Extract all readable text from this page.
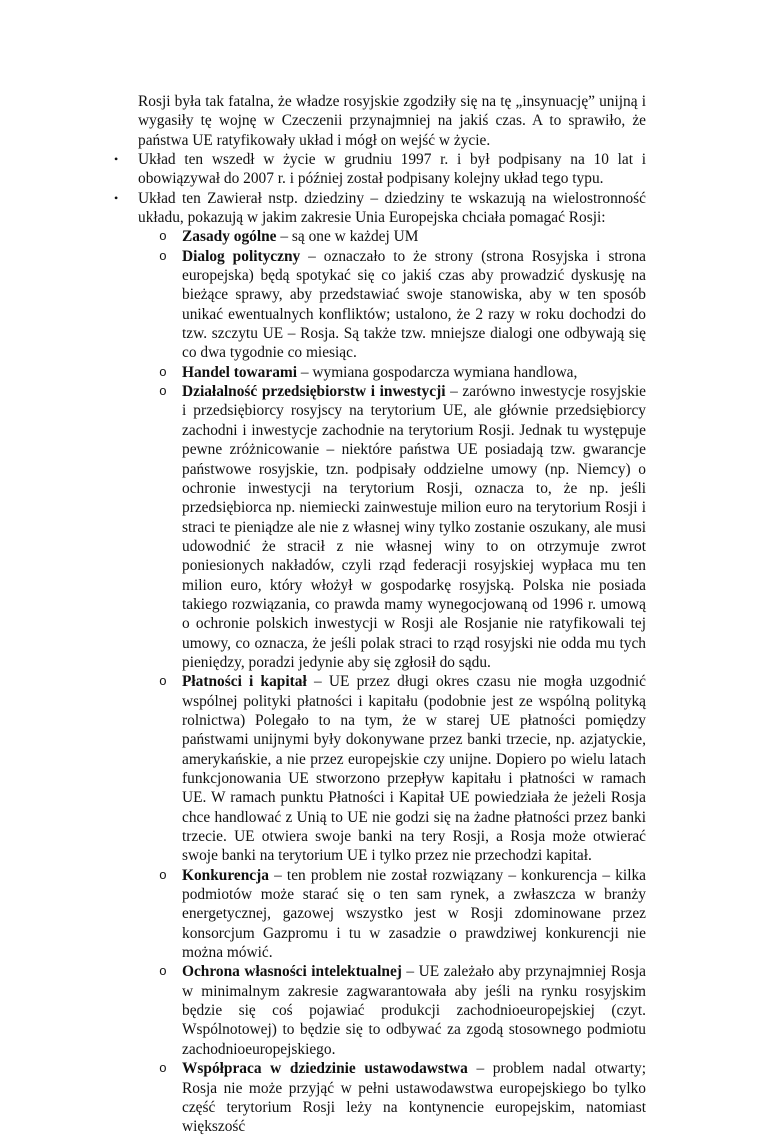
Rosji była tak fatalna, że władze rosyjskie zgodziły się na tę „insynuację” unijną i wygasiły tę wojnę w Czeczenii przynajmniej na jakiś czas. A to sprawiło, że państwa UE ratyfikowały układ i mógł on wejść w życie.

• Układ ten wszedł w życie w grudniu 1997 r. i był podpisany na 10 lat i obowiązywał do 2007 r. i później został podpisany kolejny układ tego typu.
• Układ ten Zawierał nstp. dziedziny – dziedziny te wskazują na wielostronność układu, pokazują w jakim zakresie Unia Europejska chciała pomagać Rosji:
o Zasady ogólne – są one w każdej UM
o Dialog polityczny – oznaczało to że strony (strona Rosyjska i strona europejska) będą spotykać się co jakiś czas aby prowadzić dyskusję na bieżące sprawy, aby przedstawiać swoje stanowiska, aby w ten sposób unikać ewentualnych konfliktów; ustalono, że 2 razy w roku dochodzi do tzw. szczytu UE – Rosja. Są także tzw. mniejsze dialogi one odbywają się co dwa tygodnie co miesiąc.
o Handel towarami – wymiana gospodarcza wymiana handlowa,
o Działalność przedsiębiorstw i inwestycji – zarówno inwestycje rosyjskie i przedsiębiorcy rosyjscy na terytorium UE, ale głównie przedsiębiorcy zachodni i inwestycje zachodnie na terytorium Rosji. Jednak tu występuje pewne zróżnicowanie – niektóre państwa UE posiadają tzw. gwarancje państwowe rosyjskie, tzn. podpisały oddzielne umowy (np. Niemcy) o ochronie inwestycji na terytorium Rosji, oznacza to, że np. jeśli przedsiębiorca np. niemiecki zainwestuje milion euro na terytorium Rosji i straci te pieniądze ale nie z własnej winy tylko zostanie oszukany, ale musi udowodnić że stracił z nie własnej winy to on otrzymuje zwrot poniesionych nakładów, czyli rząd federacji rosyjskiej wypłaca mu ten milion euro, który włożył w gospodarkę rosyjską. Polska nie posiada takiego rozwiązania, co prawda mamy wynegocjowaną od 1996 r. umową o ochronie polskich inwestycji w Rosji ale Rosjanie nie ratyfikowali tej umowy, co oznacza, że jeśli polak straci to rząd rosyjski nie odda mu tych pieniędzy, poradzi jedynie aby się zgłosił do sądu.
o Płatności i kapitał – UE przez długi okres czasu nie mogła uzgodnić wspólnej polityki płatności i kapitału (podobnie jest ze wspólną polityką rolnictwa) Polegało to na tym, że w starej UE płatności pomiędzy państwami unijnymi były dokonywane przez banki trzecie, np. azjatyckie, amerykańskie, a nie przez europejskie czy unijne. Dopiero po wielu latach funkcjonowania UE stworzono przepływ kapitału i płatności w ramach UE. W ramach punktu Płatności i Kapitał UE powiedziała że jeżeli Rosja chce handlować z Unią to UE nie godzi się na żadne płatności przez banki trzecie. UE otwiera swoje banki na tery Rosji, a Rosja może otwierać swoje banki na terytorium UE i tylko przez nie przechodzi kapitał.
o Konkurencja – ten problem nie został rozwiązany – konkurencja – kilka podmiotów może starać się o ten sam rynek, a zwłaszcza w branży energetycznej, gazowej wszystko jest w Rosji zdominowane przez konsorcjum Gazpromu i tu w zasadzie o prawdziwej konkurencji nie można mówić.
o Ochrona własności intelektualnej – UE zależało aby przynajmniej Rosja w minimalnym zakresie zagwarantowała aby jeśli na rynku rosyjskim będzie się coś pojawiać produkcji zachodnioeuropejskiej (czyt. Wspólnotowej) to będzie się to odbywać za zgodą stosownego podmiotu zachodnioeuropejskiego.
o Współpraca w dziedzinie ustawodawstwa – problem nadal otwarty; Rosja nie może przyjąć w pełni ustawodawstwa europejskiego bo tylko część terytorium Rosji leży na kontynencie europejskim, natomiast większość
